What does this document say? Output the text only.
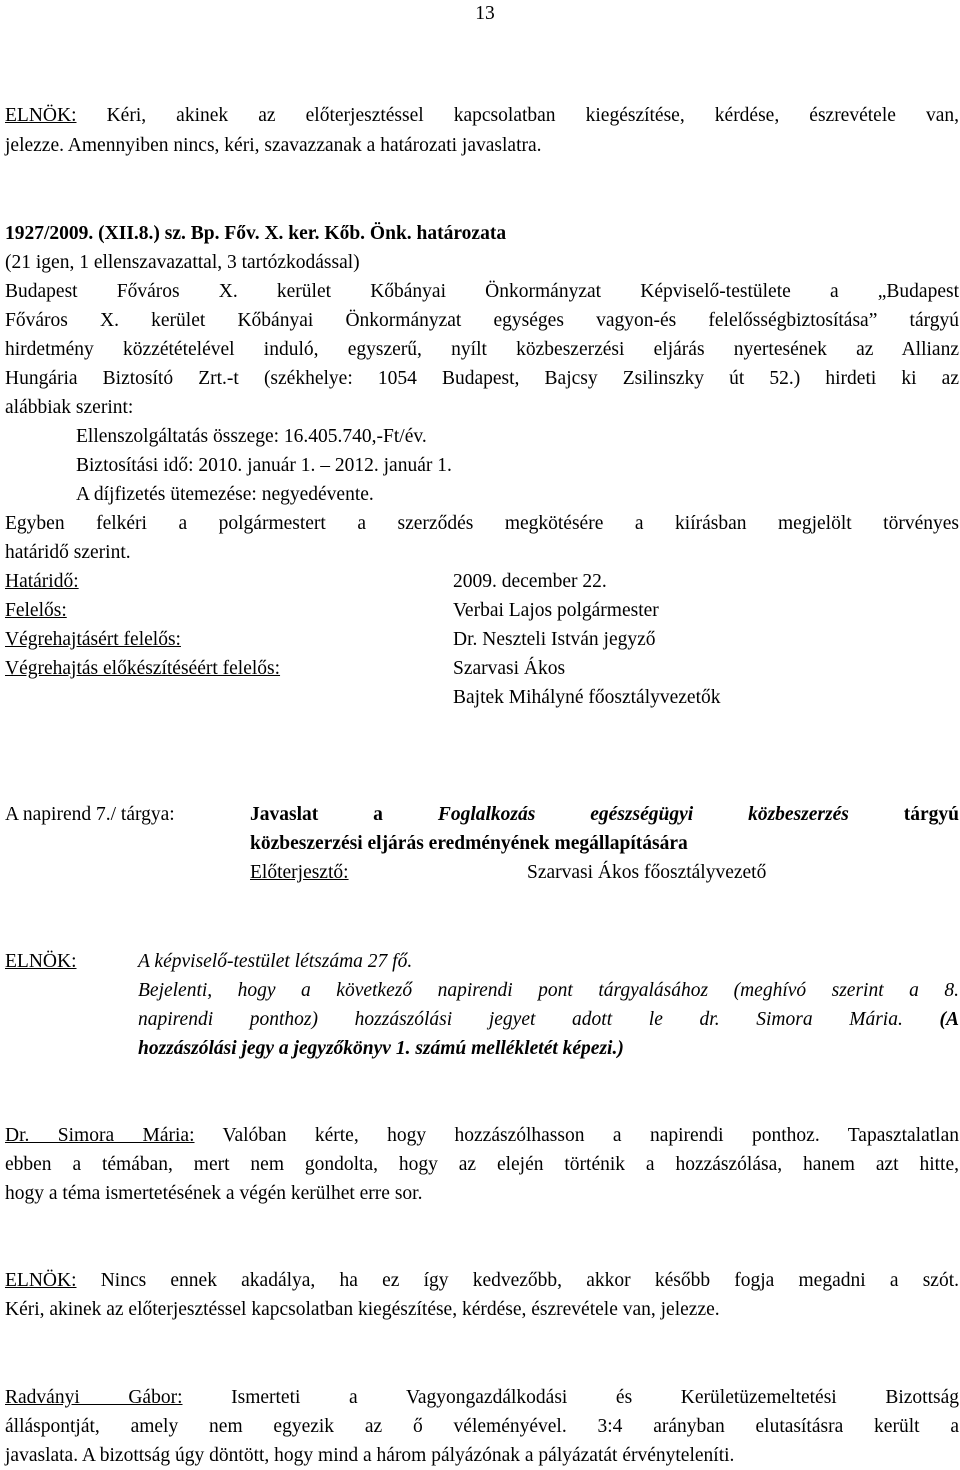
13
ELNÖK: Kéri, akinek az előterjesztéssel kapcsolatban kiegészítése, kérdése, észrevétele van,
jelezze. Amennyiben nincs, kéri, szavazzanak a határozati javaslatra.
1927/2009. (XII.8.) sz. Bp. Főv. X. ker. Kőb. Önk. határozata
(21 igen, 1 ellenszavazattal, 3 tartózkodással)
Budapest Főváros X. kerület Kőbányai Önkormányzat Képviselő-testülete a „Budapest
Főváros X. kerület Kőbányai Önkormányzat egységes vagyon-és felelősségbiztosítása” tárgyú
hirdetmény közzétételével induló, egyszerű, nyílt közbeszerzési eljárás nyertesének az Allianz
Hungária Biztosító Zrt.-t (székhelye: 1054 Budapest, Bajcsy Zsilinszky út 52.) hirdeti ki az
alábbiak szerint:
Ellenszolgáltatás összege: 16.405.740,-Ft/év.
Biztosítási idő: 2010. január 1. – 2012. január 1.
A díjfizetés ütemezése: negyedévente.
Egyben felkéri a polgármestert a szerződés megkötésére a kiírásban megjelölt törvényes
határidő szerint.
Határidő:	2009. december 22.
Felelős:	Verbai Lajos polgármester
Végrehajtásért felelős:	Dr. Neszteli István jegyző
Végrehajtás előkészítéséért felelős:	Szarvasi Ákos
Bajtek Mihályné főosztályvezetők
A napirend 7./ tárgya:	Javaslat a Foglalkozás egészségügyi közbeszerzés tárgyú
közbeszerzési eljárás eredményének megállapítására
Előterjesztő:	Szarvasi Ákos főosztályvezető
ELNÖK:	A képviselő-testület létszáma 27 fő.
Bejelenti, hogy a következő napirendi pont tárgyalásához (meghívó szerint a 8.
napirendi ponthoz) hozzászólási jegyet adott le dr. Simora Mária. (A
hozzászólási jegy a jegyzőkönyv 1. számú mellékletét képezi.)
Dr. Simora Mária: Valóban kérte, hogy hozzászólhasson a napirendi ponthoz. Tapasztalatlan
ebben a témában, mert nem gondolta, hogy az elején történik a hozzászólása, hanem azt hitte,
hogy a téma ismertetésének a végén kerülhet erre sor.
ELNÖK: Nincs ennek akadálya, ha ez így kedvezőbb, akkor később fogja megadni a szót.
Kéri, akinek az előterjesztéssel kapcsolatban kiegészítése, kérdése, észrevétele van, jelezze.
Radványi Gábor: Ismerteti a Vagyongazdálkodási és Kerületüzemeltetési Bizottság
álláspontját, amely nem egyezik az ő véleményével. 3:4 arányban elutasításra került a
javaslata. A bizottság úgy döntött, hogy mind a három pályázónak a pályázatát érvényteleníti.
